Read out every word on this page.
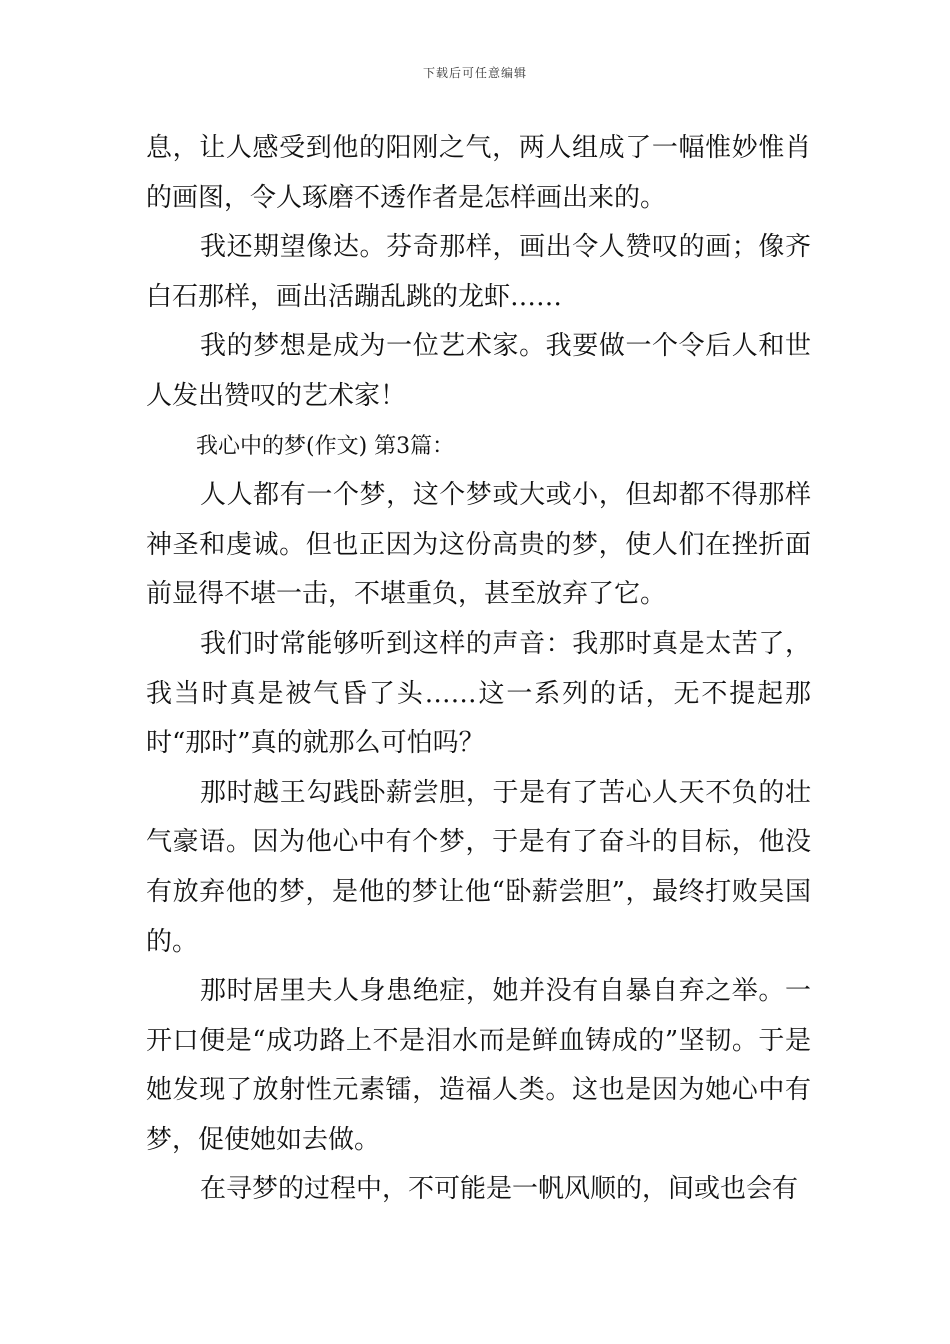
下载后可任意编辑

息，让人感受到他的阳刚之气，两人组成了一幅惟妙惟肖的画图，令人琢磨不透作者是怎样画出来的。

我还期望像达。芬奇那样，画出令人赞叹的画；像齐白石那样，画出活蹦乱跳的龙虾……

我的梦想是成为一位艺术家。我要做一个令后人和世人发出赞叹的艺术家！

我心中的梦(作文) 第3篇：

人人都有一个梦，这个梦或大或小，但却都不得那样神圣和虔诚。但也正因为这份高贵的梦，使人们在挫折面前显得不堪一击，不堪重负，甚至放弃了它。

我们时常能够听到这样的声音：我那时真是太苦了，我当时真是被气昏了头……这一系列的话，无不提起那时“那时”真的就那么可怕吗？

那时越王勾践卧薪尝胆，于是有了苦心人天不负的壮气豪语。因为他心中有个梦，于是有了奋斗的目标，他没有放弃他的梦，是他的梦让他“卧薪尝胆”，最终打败吴国的。

那时居里夫人身患绝症，她并没有自暴自弃之举。一开口便是“成功路上不是泪水而是鲜血铸成的”坚韧。于是她发现了放射性元素镭，造福人类。这也是因为她心中有梦，促使她如去做。

在寻梦的过程中，不可能是一帆风顺的，间或也会有
